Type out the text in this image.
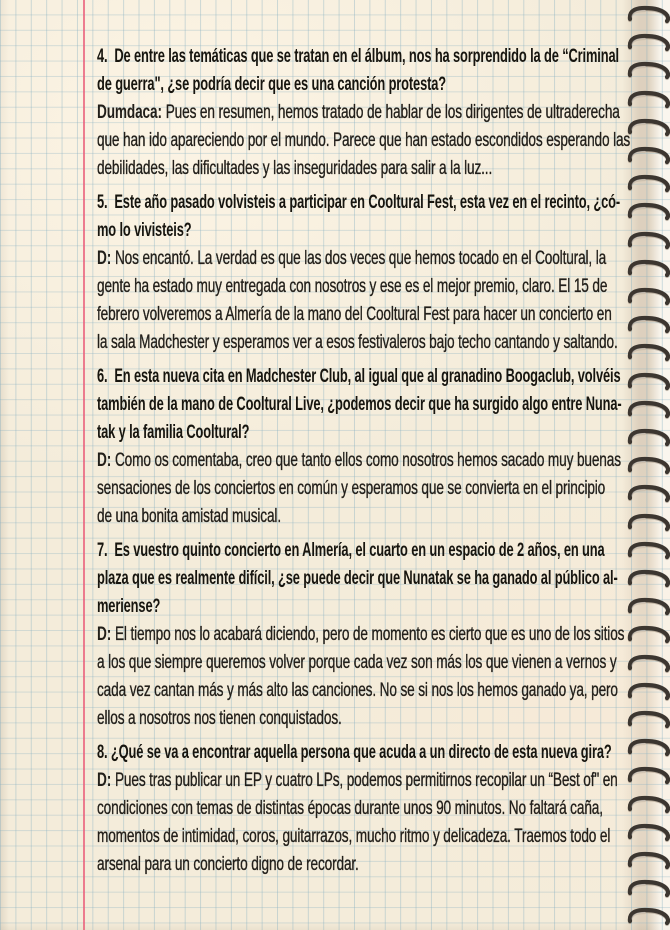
4.  De entre las temáticas que se tratan en el álbum, nos ha sorprendido la de “Criminal
de guerra", ¿se podría decir que es una canción protesta?
Dumdaca: Pues en resumen, hemos tratado de hablar de los dirigentes de ultraderecha
que han ido apareciendo por el mundo. Parece que han estado escondidos esperando las
debilidades, las dificultades y las inseguridades para salir a la luz...
5.  Este año pasado volvisteis a participar en Cooltural Fest, esta vez en el recinto, ¿có-
mo lo vivisteis?
D: Nos encantó. La verdad es que las dos veces que hemos tocado en el Cooltural, la
gente ha estado muy entregada con nosotros y ese es el mejor premio, claro. El 15 de
febrero volveremos a Almería de la mano del Cooltural Fest para hacer un concierto en
la sala Madchester y esperamos ver a esos festivaleros bajo techo cantando y saltando.
6.  En esta nueva cita en Madchester Club, al igual que al granadino Boogaclub, volvéis
también de la mano de Cooltural Live, ¿podemos decir que ha surgido algo entre Nuna-
tak y la familia Cooltural?
D: Como os comentaba, creo que tanto ellos como nosotros hemos sacado muy buenas
sensaciones de los conciertos en común y esperamos que se convierta en el principio
de una bonita amistad musical.
7.  Es vuestro quinto concierto en Almería, el cuarto en un espacio de 2 años, en una
plaza que es realmente difícil, ¿se puede decir que Nunatak se ha ganado al público al-
meriense?
D: El tiempo nos lo acabará diciendo, pero de momento es cierto que es uno de los sitios
a los que siempre queremos volver porque cada vez son más los que vienen a vernos y
cada vez cantan más y más alto las canciones. No se si nos los hemos ganado ya, pero
ellos a nosotros nos tienen conquistados.
8. ¿Qué se va a encontrar aquella persona que acuda a un directo de esta nueva gira?
D: Pues tras publicar un EP y cuatro LPs, podemos permitirnos recopilar un “Best of" en
condiciones con temas de distintas épocas durante unos 90 minutos. No faltará caña,
momentos de intimidad, coros, guitarrazos, mucho ritmo y delicadeza. Traemos todo el
arsenal para un concierto digno de recordar.
